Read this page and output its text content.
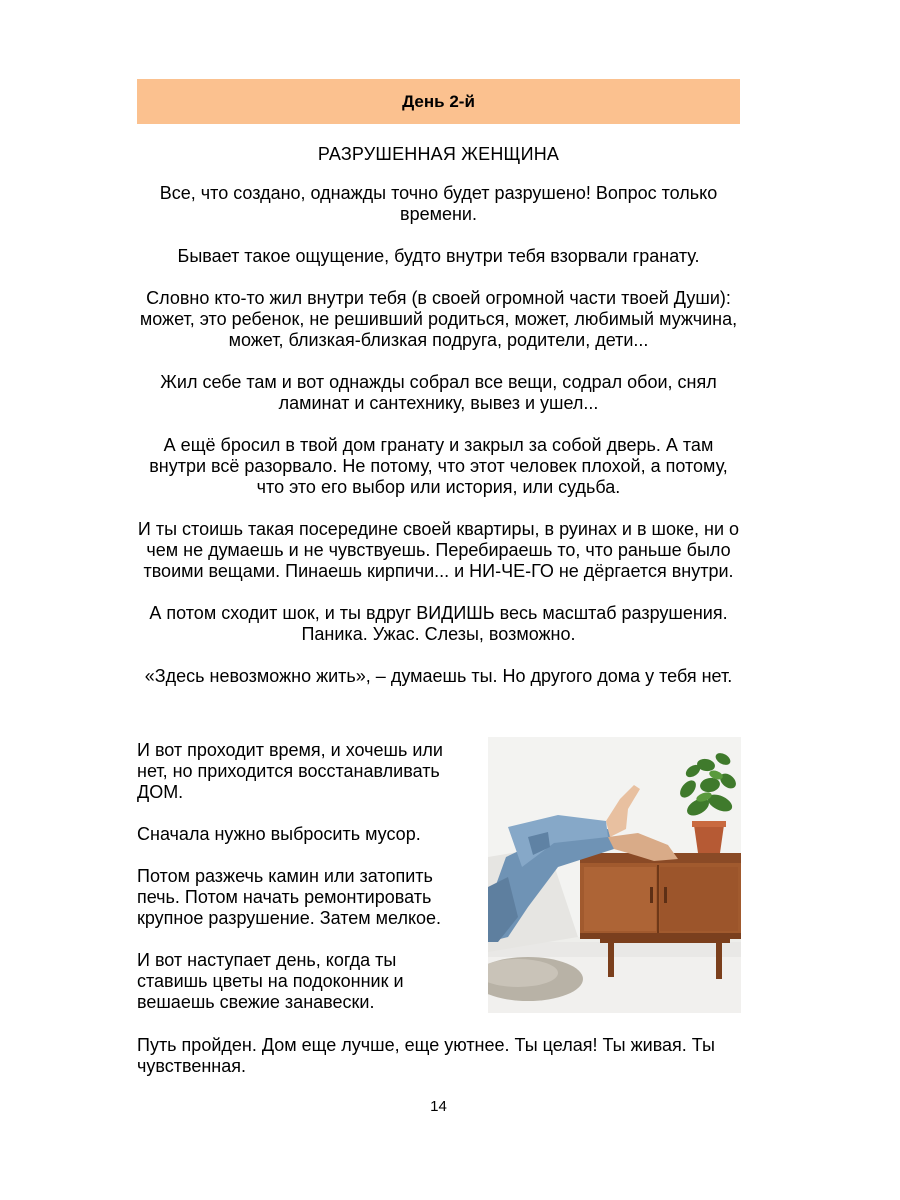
День 2-й
РАЗРУШЕННАЯ ЖЕНЩИНА

Все, что создано, однажды точно будет разрушено! Вопрос только времени.

Бывает такое ощущение, будто внутри тебя взорвали гранату.

Словно кто-то жил внутри тебя (в своей огромной части твоей Души): может, это ребенок, не решивший родиться, может, любимый мужчина, может, близкая-близкая подруга, родители, дети...

Жил себе там и вот однажды собрал все вещи, содрал обои, снял ламинат и сантехнику, вывез и ушел...

А ещё бросил в твой дом гранату и закрыл за собой дверь. А там внутри всё разорвало. Не потому, что этот человек плохой, а потому, что это его выбор или история, или судьба.

И ты стоишь такая посередине своей квартиры, в руинах и в шоке, ни о чем не думаешь и не чувствуешь. Перебираешь то, что раньше было твоими вещами. Пинаешь кирпичи... и НИ-ЧЕ-ГО не дёргается внутри.

А потом сходит шок, и ты вдруг ВИДИШЬ весь масштаб разрушения. Паника. Ужас. Слезы, возможно.

«Здесь невозможно жить», – думаешь ты. Но другого дома у тебя нет.

И вот проходит время, и хочешь или нет, но приходится восстанавливать ДОМ.

Сначала нужно выбросить мусор.

Потом разжечь камин или затопить печь. Потом начать ремонтировать крупное разрушение. Затем мелкое.

И вот наступает день, когда ты ставишь цветы на подоконник и вешаешь свежие занавески.

Путь пройден. Дом еще лучше, еще уютнее. Ты целая! Ты живая. Ты чувственная.

14
